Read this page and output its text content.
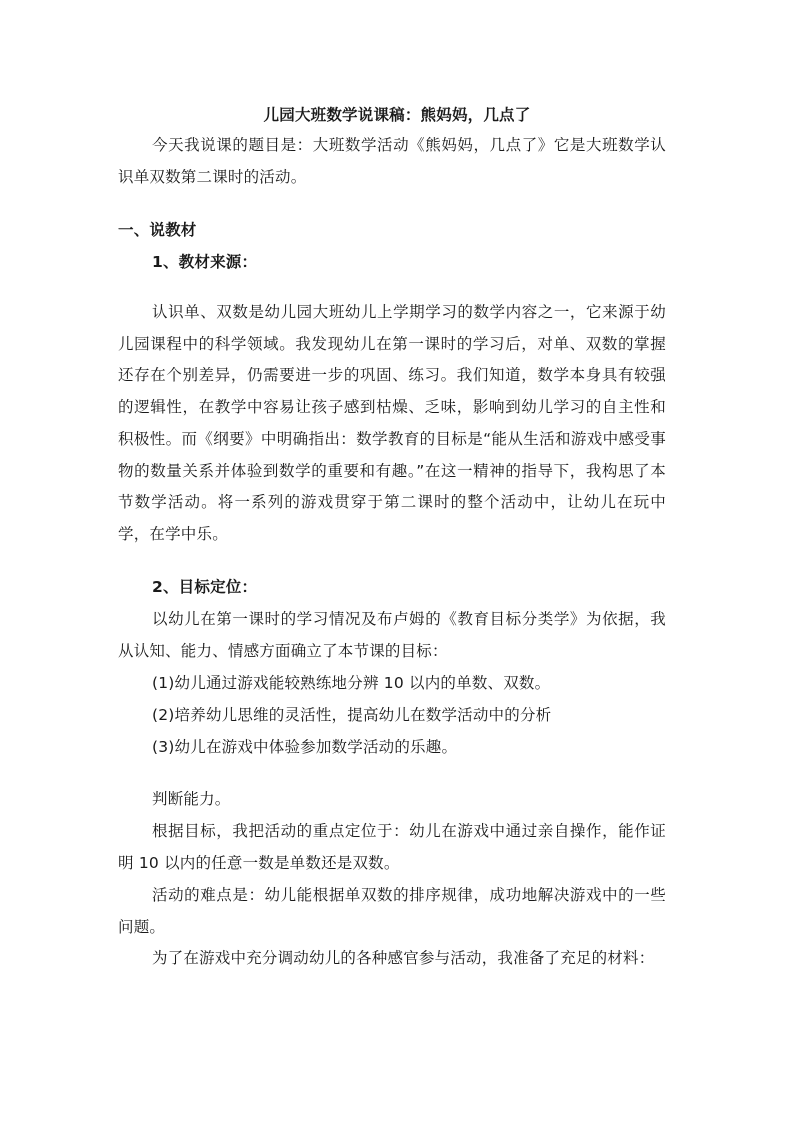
儿园大班数学说课稿：熊妈妈，几点了

今天我说课的题目是：大班数学活动《熊妈妈，几点了》它是大班数学认识单双数第二课时的活动。

一、说教材

1、教材来源：

认识单、双数是幼儿园大班幼儿上学期学习的数学内容之一，它来源于幼儿园课程中的科学领域。我发现幼儿在第一课时的学习后，对单、双数的掌握还存在个别差异，仍需要进一步的巩固、练习。我们知道，数学本身具有较强的逻辑性，在教学中容易让孩子感到枯燥、乏味，影响到幼儿学习的自主性和积极性。而《纲要》中明确指出：数学教育的目标是“能从生活和游戏中感受事物的数量关系并体验到数学的重要和有趣。”在这一精神的指导下，我构思了本节数学活动。将一系列的游戏贯穿于第二课时的整个活动中，让幼儿在玩中学，在学中乐。

2、目标定位：

以幼儿在第一课时的学习情况及布卢姆的《教育目标分类学》为依据，我从认知、能力、情感方面确立了本节课的目标：

(1)幼儿通过游戏能较熟练地分辨 10 以内的单数、双数。

(2)培养幼儿思维的灵活性，提高幼儿在数学活动中的分析

(3)幼儿在游戏中体验参加数学活动的乐趣。

判断能力。

根据目标，我把活动的重点定位于：幼儿在游戏中通过亲自操作，能作证明 10 以内的任意一数是单数还是双数。

活动的难点是：幼儿能根据单双数的排序规律，成功地解决游戏中的一些问题。

为了在游戏中充分调动幼儿的各种感官参与活动，我准备了充足的材料：
